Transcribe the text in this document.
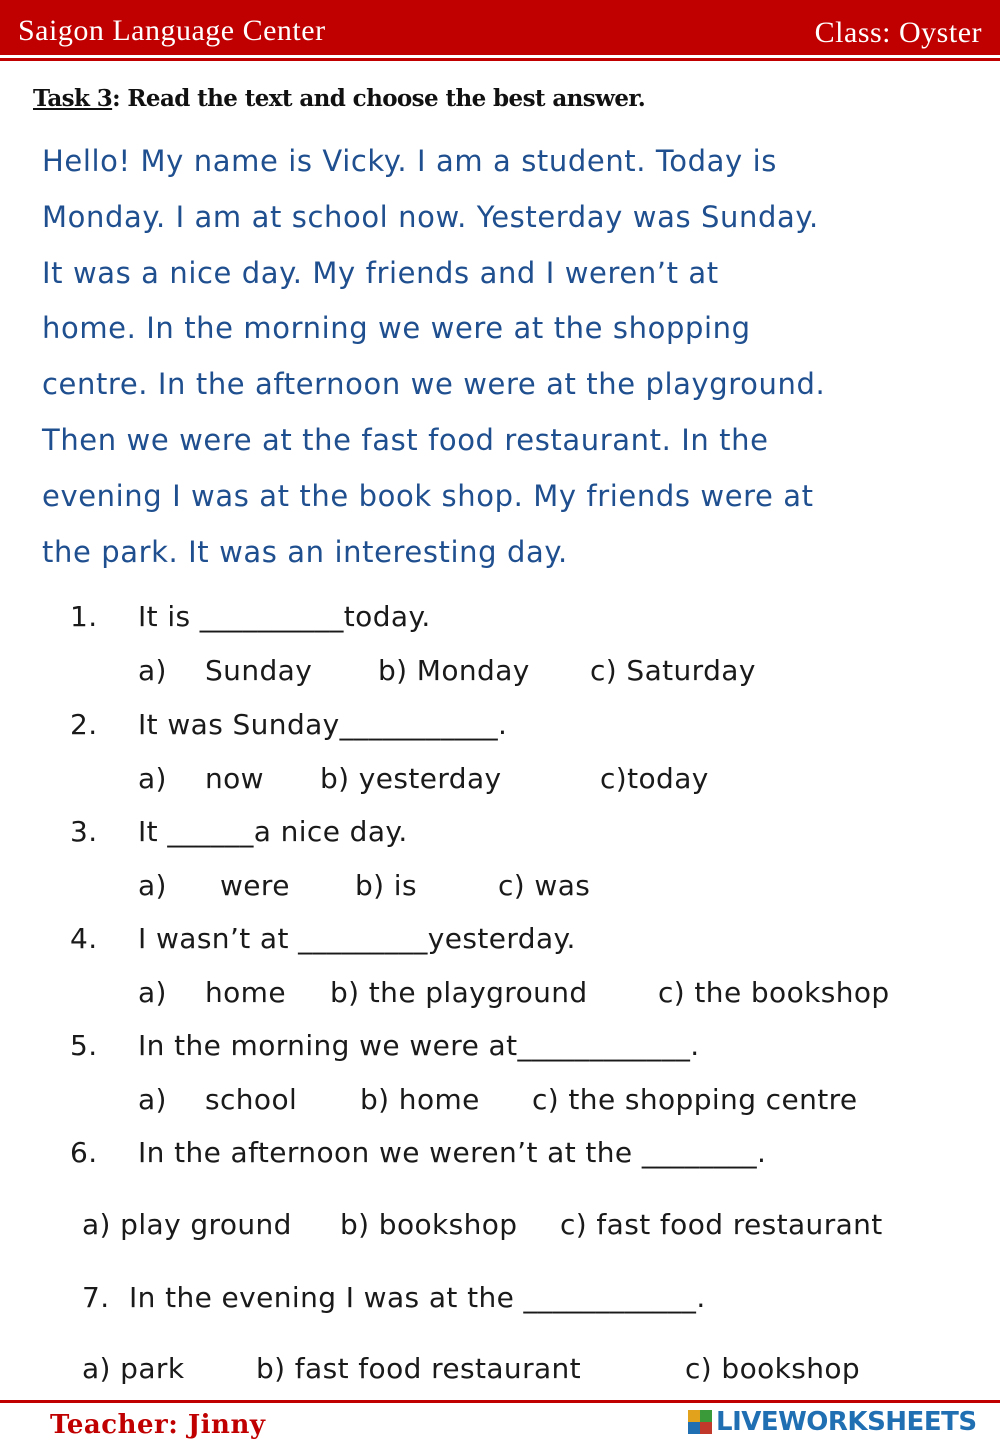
Saigon Language Center	Class: Oyster
Task 3: Read the text and choose the best answer.
Hello! My name is Vicky. I am a student. Today is
Monday. I am at school now. Yesterday was Sunday.
It was a nice day. My friends and I weren’t at
home. In the morning we were at the shopping
centre. In the afternoon we were at the playground.
Then we were at the fast food restaurant. In the
evening I was at the book shop. My friends were at
the park. It was an interesting day.
1. It is __________today.
a) Sunday b) Monday c) Saturday
2. It was Sunday___________.
a) now b) yesterday	c)today
3. It ______a nice day.
a) were b) is	c) was
4. I wasn’t at _________yesterday.
a) home b) the playground	c) the bookshop
5. In the morning we were at____________.
a) school b) home c) the shopping centre
6. In the afternoon we weren’t at the ________.
a) play ground b) bookshop c) fast food restaurant
7. In the evening I was at the ____________.
a) park	b) fast food restaurant	c) bookshop
Teacher: Jinny	LIVEWORKSHEETS
